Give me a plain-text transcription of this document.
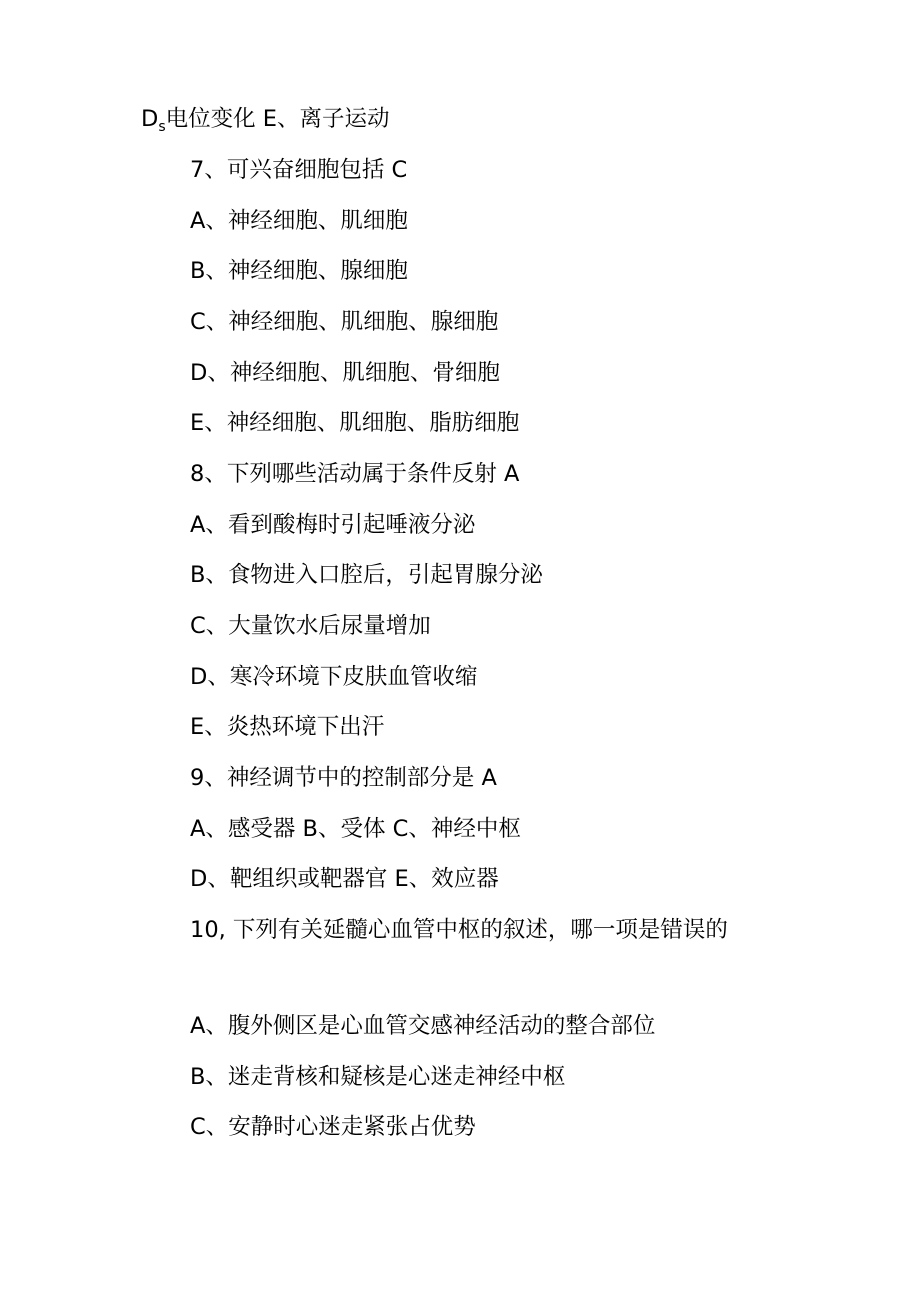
$D_s$电位变化 E、离子运动
7、可兴奋细胞包括 C
A、神经细胞、肌细胞
B、神经细胞、腺细胞
C、神经细胞、肌细胞、腺细胞
D、神经细胞、肌细胞、骨细胞
E、神经细胞、肌细胞、脂肪细胞
8、下列哪些活动属于条件反射 A
A、看到酸梅时引起唾液分泌
B、食物进入口腔后，引起胃腺分泌
C、大量饮水后尿量增加
D、寒冷环境下皮肤血管收缩
E、炎热环境下出汗
9、神经调节中的控制部分是 A
A、感受器 B、受体 C、神经中枢
D、靶组织或靶器官 E、效应器
10, 下列有关延髓心血管中枢的叙述，哪一项是错误的
A、腹外侧区是心血管交感神经活动的整合部位
B、迷走背核和疑核是心迷走神经中枢
C、安静时心迷走紧张占优势
